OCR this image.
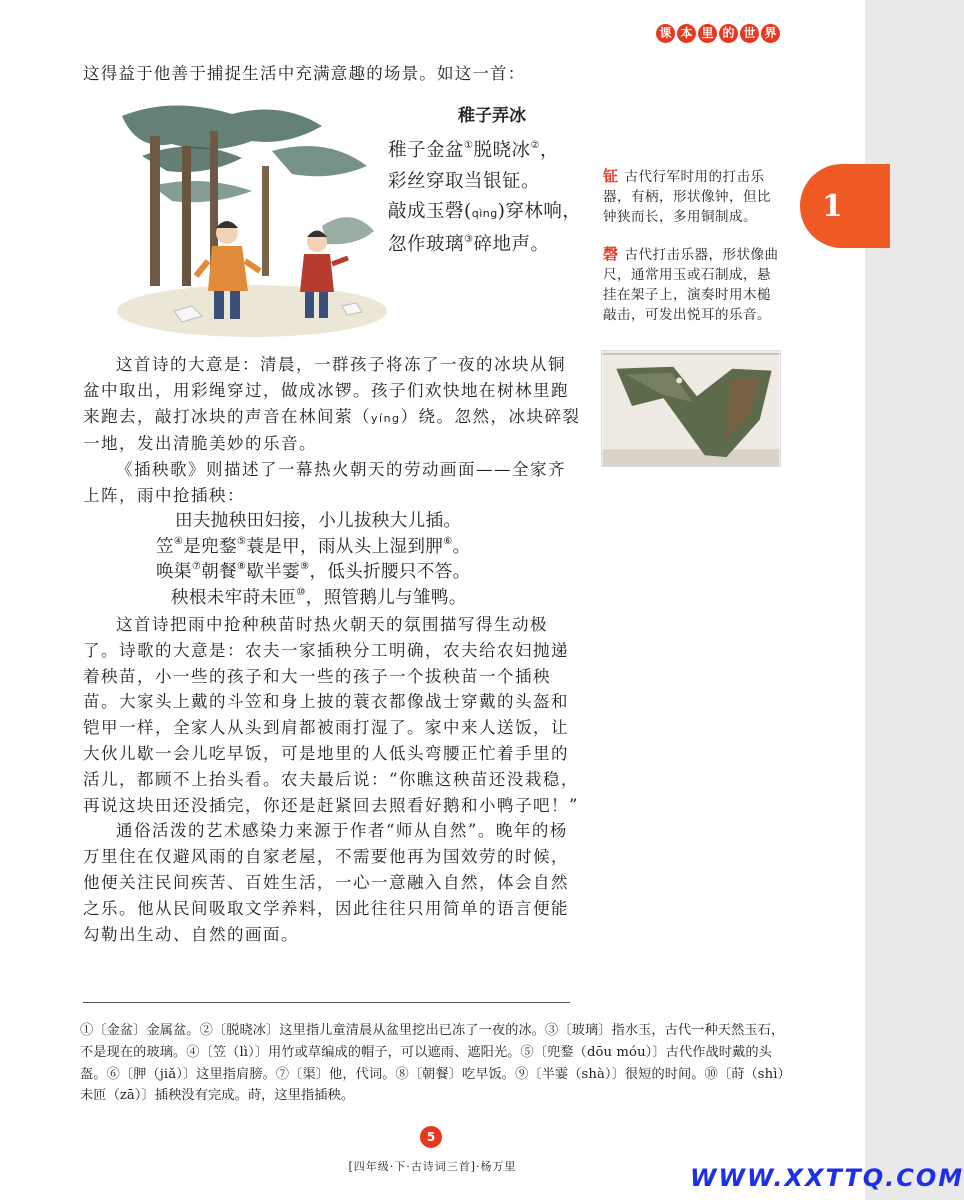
课 本 里 的 世 界
这得益于他善于捕捉生活中充满意趣的场景。如这一首：
稚子弄冰
稚子金盆①脱晓冰②，
彩丝穿取当银钲。
敲成玉磬(qìng)穿林响，
忽作玻璃③碎地声。
钲 古代行军时用的打击乐器，有柄，形状像钟，但比钟狭而长，多用铜制成。
磬 古代打击乐器，形状像曲尺，通常用玉或石制成，悬挂在架子上，演奏时用木槌敲击，可发出悦耳的乐音。

这首诗的大意是：清晨，一群孩子将冻了一夜的冰块从铜盆中取出，用彩绳穿过，做成冰锣。孩子们欢快地在树林里跑来跑去，敲打冰块的声音在林间萦（yíng）绕。忽然，冰块碎裂一地，发出清脆美妙的乐音。

《插秧歌》则描述了一幕热火朝天的劳动画面——全家齐上阵，雨中抢插秧：

田夫抛秧田妇接，小儿拔秧大儿插。
笠④是兜鍪⑤蓑是甲，雨从头上湿到胛⑥。
唤渠⑦朝餐⑧歇半霎⑨，低头折腰只不答。
秧根未牢莳未匝⑩，照管鹅儿与雏鸭。

这首诗把雨中抢种秧苗时热火朝天的氛围描写得生动极了。诗歌的大意是：农夫一家插秧分工明确，农夫给农妇抛递着秧苗，小一些的孩子和大一些的孩子一个拔秧苗一个插秧苗。大家头上戴的斗笠和身上披的蓑衣都像战士穿戴的头盔和铠甲一样，全家人从头到肩都被雨打湿了。家中来人送饭，让大伙儿歇一会儿吃早饭，可是地里的人低头弯腰正忙着手里的活儿，都顾不上抬头看。农夫最后说：“你瞧这秧苗还没栽稳，再说这块田还没插完，你还是赶紧回去照看好鹅和小鸭子吧！”

通俗活泼的艺术感染力来源于作者“师从自然”。晚年的杨万里住在仅避风雨的自家老屋，不需要他再为国效劳的时候，他便关注民间疾苦、百姓生活，一心一意融入自然，体会自然之乐。他从民间吸取文学养料，因此往往只用简单的语言便能勾勒出生动、自然的画面。

①〔金盆〕金属盆。②〔脱晓冰〕这里指儿童清晨从盆里挖出已冻了一夜的冰。③〔玻璃〕指水玉，古代一种天然玉石，不是现在的玻璃。④〔笠（lì）〕用竹或草编成的帽子，可以遮雨、遮阳光。⑤〔兜鍪（dōu móu）〕古代作战时戴的头盔。⑥〔胛（jiǎ）〕这里指肩膀。⑦〔渠〕他，代词。⑧〔朝餐〕吃早饭。⑨〔半霎（shà）〕很短的时间。⑩〔莳（shì）未匝（zā）〕插秧没有完成。莳，这里指插秧。
5
[四年级·下·古诗词三首]·杨万里
1
WWW.XXTTQ.COM
